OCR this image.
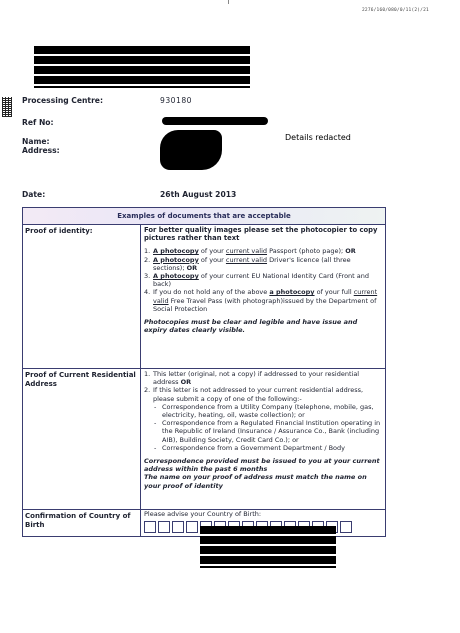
2276/160/080/0/11(2)/21
Processing Centre:	930180
Ref No:
Name:
Address:
Details redacted
Date:	26th August 2013
Examples of documents that are acceptable
Proof of identity:	For better quality images please set the photocopier to copy pictures rather than text
1. A photocopy of your current valid Passport (photo page); OR
2. A photocopy of your current valid Driver's licence (all three sections); OR
3. A photocopy of your current EU National Identity Card (Front and back)
4. If you do not hold any of the above a photocopy of your full current valid Free Travel Pass (with photograph)issued by the Department of Social Protection
Photocopies must be clear and legible and have issue and expiry dates clearly visible.
Proof of Current Residential Address
1. This letter (original, not a copy) if addressed to your residential address OR
2. If this letter is not addressed to your current residential address, please submit a copy of one of the following:-
- Correspondence from a Utility Company (telephone, mobile, gas, electricity, heating, oil, waste collection); or
- Correspondence from a Regulated Financial Institution operating in the Republic of Ireland (Insurance / Assurance Co., Bank (including AIB), Building Society, Credit Card Co.); or
- Correspondence from a Government Department / Body
Correspondence provided must be issued to you at your current address within the past 6 months
The name on your proof of address must match the name on your proof of identity
Confirmation of Country of Birth
Please advise your Country of Birth:
